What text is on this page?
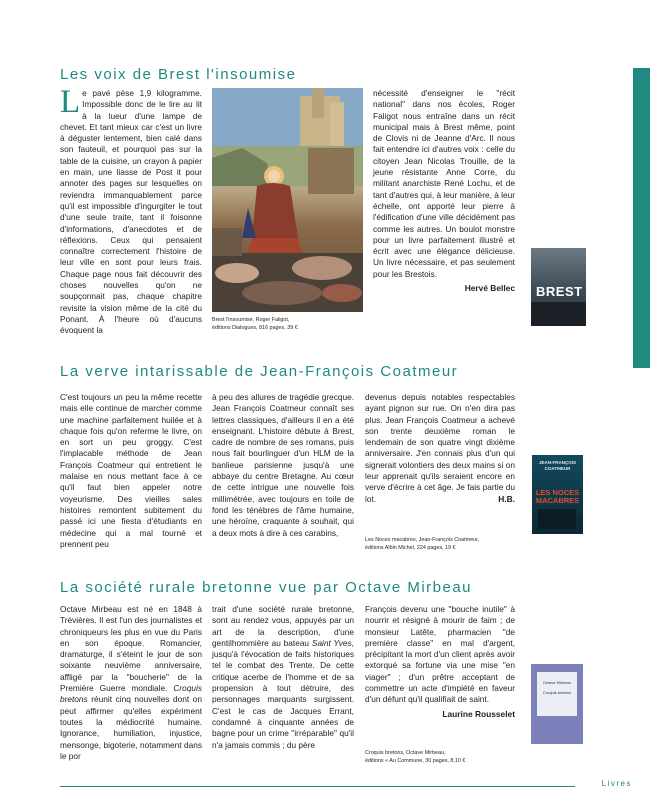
Les voix de Brest l'insoumise
Le pavé pèse 1,9 kilogramme. Impossible donc de le lire au lit à la lueur d'une lampe de chevet. Et tant mieux car c'est un livre à déguster lentement, bien calé dans son fauteuil, et pourquoi pas sur la table de la cuisine, un crayon à papier en main, une liasse de Post it pour annoter des pages sur lesquelles on reviendra immanquablement parce qu'il est impossible d'ingurgiter le tout d'une seule traite, tant il foisonne d'informations, d'anecdotes et de réflexions. Ceux qui pensaient connaître correctement l'histoire de leur ville en sont pour leurs frais. Chaque page nous fait découvrir des choses nouvelles qu'on ne soupçonnait pas, chaque chapitre revisite la vision même de la cité du Ponant. À l'heure où d'aucuns évoquent la
nécessité d'enseigner le "récit national" dans nos écoles, Roger Faligot nous entraîne dans un récit municipal mais à Brest même, point de Clovis ni de Jeanne d'Arc. Il nous fait entendre ici d'autres voix : celle du citoyen Jean Nicolas Trouille, de la jeune résistante Anne Corre, du militant anarchiste René Lochu, et de tant d'autres qui, à leur manière, à leur échelle, ont apporté leur pierre à l'édification d'une ville décidément pas comme les autres. Un boulot monstre pour un livre parfaitement illustré et écrit avec une élégance délicieuse. Un livre nécessaire, et pas seulement pour les Brestois.
Hervé Bellec
Brest l'insoumise, Roger Faligot,
éditions Dialogues, 816 pages, 39 €
BREST
La verve intarissable de Jean-François Coatmeur
C'est toujours un peu la même recette mais elle continue de marcher comme une machine parfaitement huilée et à chaque fois qu'on referme le livre, on en sort un peu groggy. C'est l'implacable méthode de Jean François Coatmeur qui entretient le malaise en nous mettant face à ce qu'il faut bien appeler notre voyeurisme. Des vieilles sales histoires remontent subitement du passé ici une fiesta d'étudiants en médecine qui a mal tourné et prennent peu
à peu des allures de tragédie grecque. Jean François Coatmeur connaît ses lettres classiques, d'ailleurs il en a été enseignant. L'histoire débute à Brest, cadre de nombre de ses romans, puis nous fait bourlinguer d'un HLM de la banlieue parisienne jusqu'à une abbaye du centre Bretagne. Au cœur de cette intrigue une nouvelle fois millimétrée, avec toujours en toile de fond les ténèbres de l'âme humaine, une héroïne, craquante à souhait, qui a deux mots à dire à ces carabins,
devenus depuis notables respectables ayant pignon sur rue. On n'en dira pas plus. Jean François Coatmeur a achevé son trente deuxième roman le lendemain de son quatre vingt dixième anniversaire. J'en connais plus d'un qui signerait volontiers des deux mains si on leur apprenait qu'ils seraient encore en verve d'écrire à cet âge. Je fais partie du lot.	H.B.
Les Noces macabres, Jean-François Coatmeur,
éditions Albin Michel, 224 pages, 19 €
JEAN-FRANÇOIS COATMEUR
LES NOCES MACABRES
La société rurale bretonne vue par Octave Mirbeau
Octave Mirbeau est né en 1848 à Trévières. Il est l'un des journalistes et chroniqueurs les plus en vue du Paris en son époque. Romancier, dramaturge, il s'éteint le jour de son soixante neuvième anniversaire, affligé par la "boucherie" de la Première Guerre mondiale. Croquis bretons réunit cinq nouvelles dont on peut affirmer qu'elles expériment toutes la médiocrité humaine. Ignorance, humiliation, injustice, mensonge, bigoterie, notamment dans le por
trait d'une société rurale bretonne, sont au rendez vous, appuyés par un art de la description, d'une gentilhommière au bateau Saint Yves, jusqu'à l'évocation de faits historiques tel le combat des Trente. De cette critique acerbe de l'homme et de sa propension à tout détruire, des personnages marquants surgissent. C'est le cas de Jacques Errant, condamné à cinquante années de bagne pour un crime "irréparable" qu'il n'a jamais commis ; du père
François devenu une "bouche inutile" à nourrir et résigné à mourir de faim ; de monsieur Latête, pharmacien "de première classe" en mal d'argent, précipitant la mort d'un client après avoir extorqué sa fortune via une mise "en viager" ; d'un prêtre acceptant de commettre un acte d'impiété en faveur d'un défunt qu'il qualifiait de saint.
Laurine Rousselet
Croquis bretons, Octave Mirbeau,
éditions « Au Commune, 30 pages, 8,10 €
Octave Mirbeau
Croquis bretons
Livres
